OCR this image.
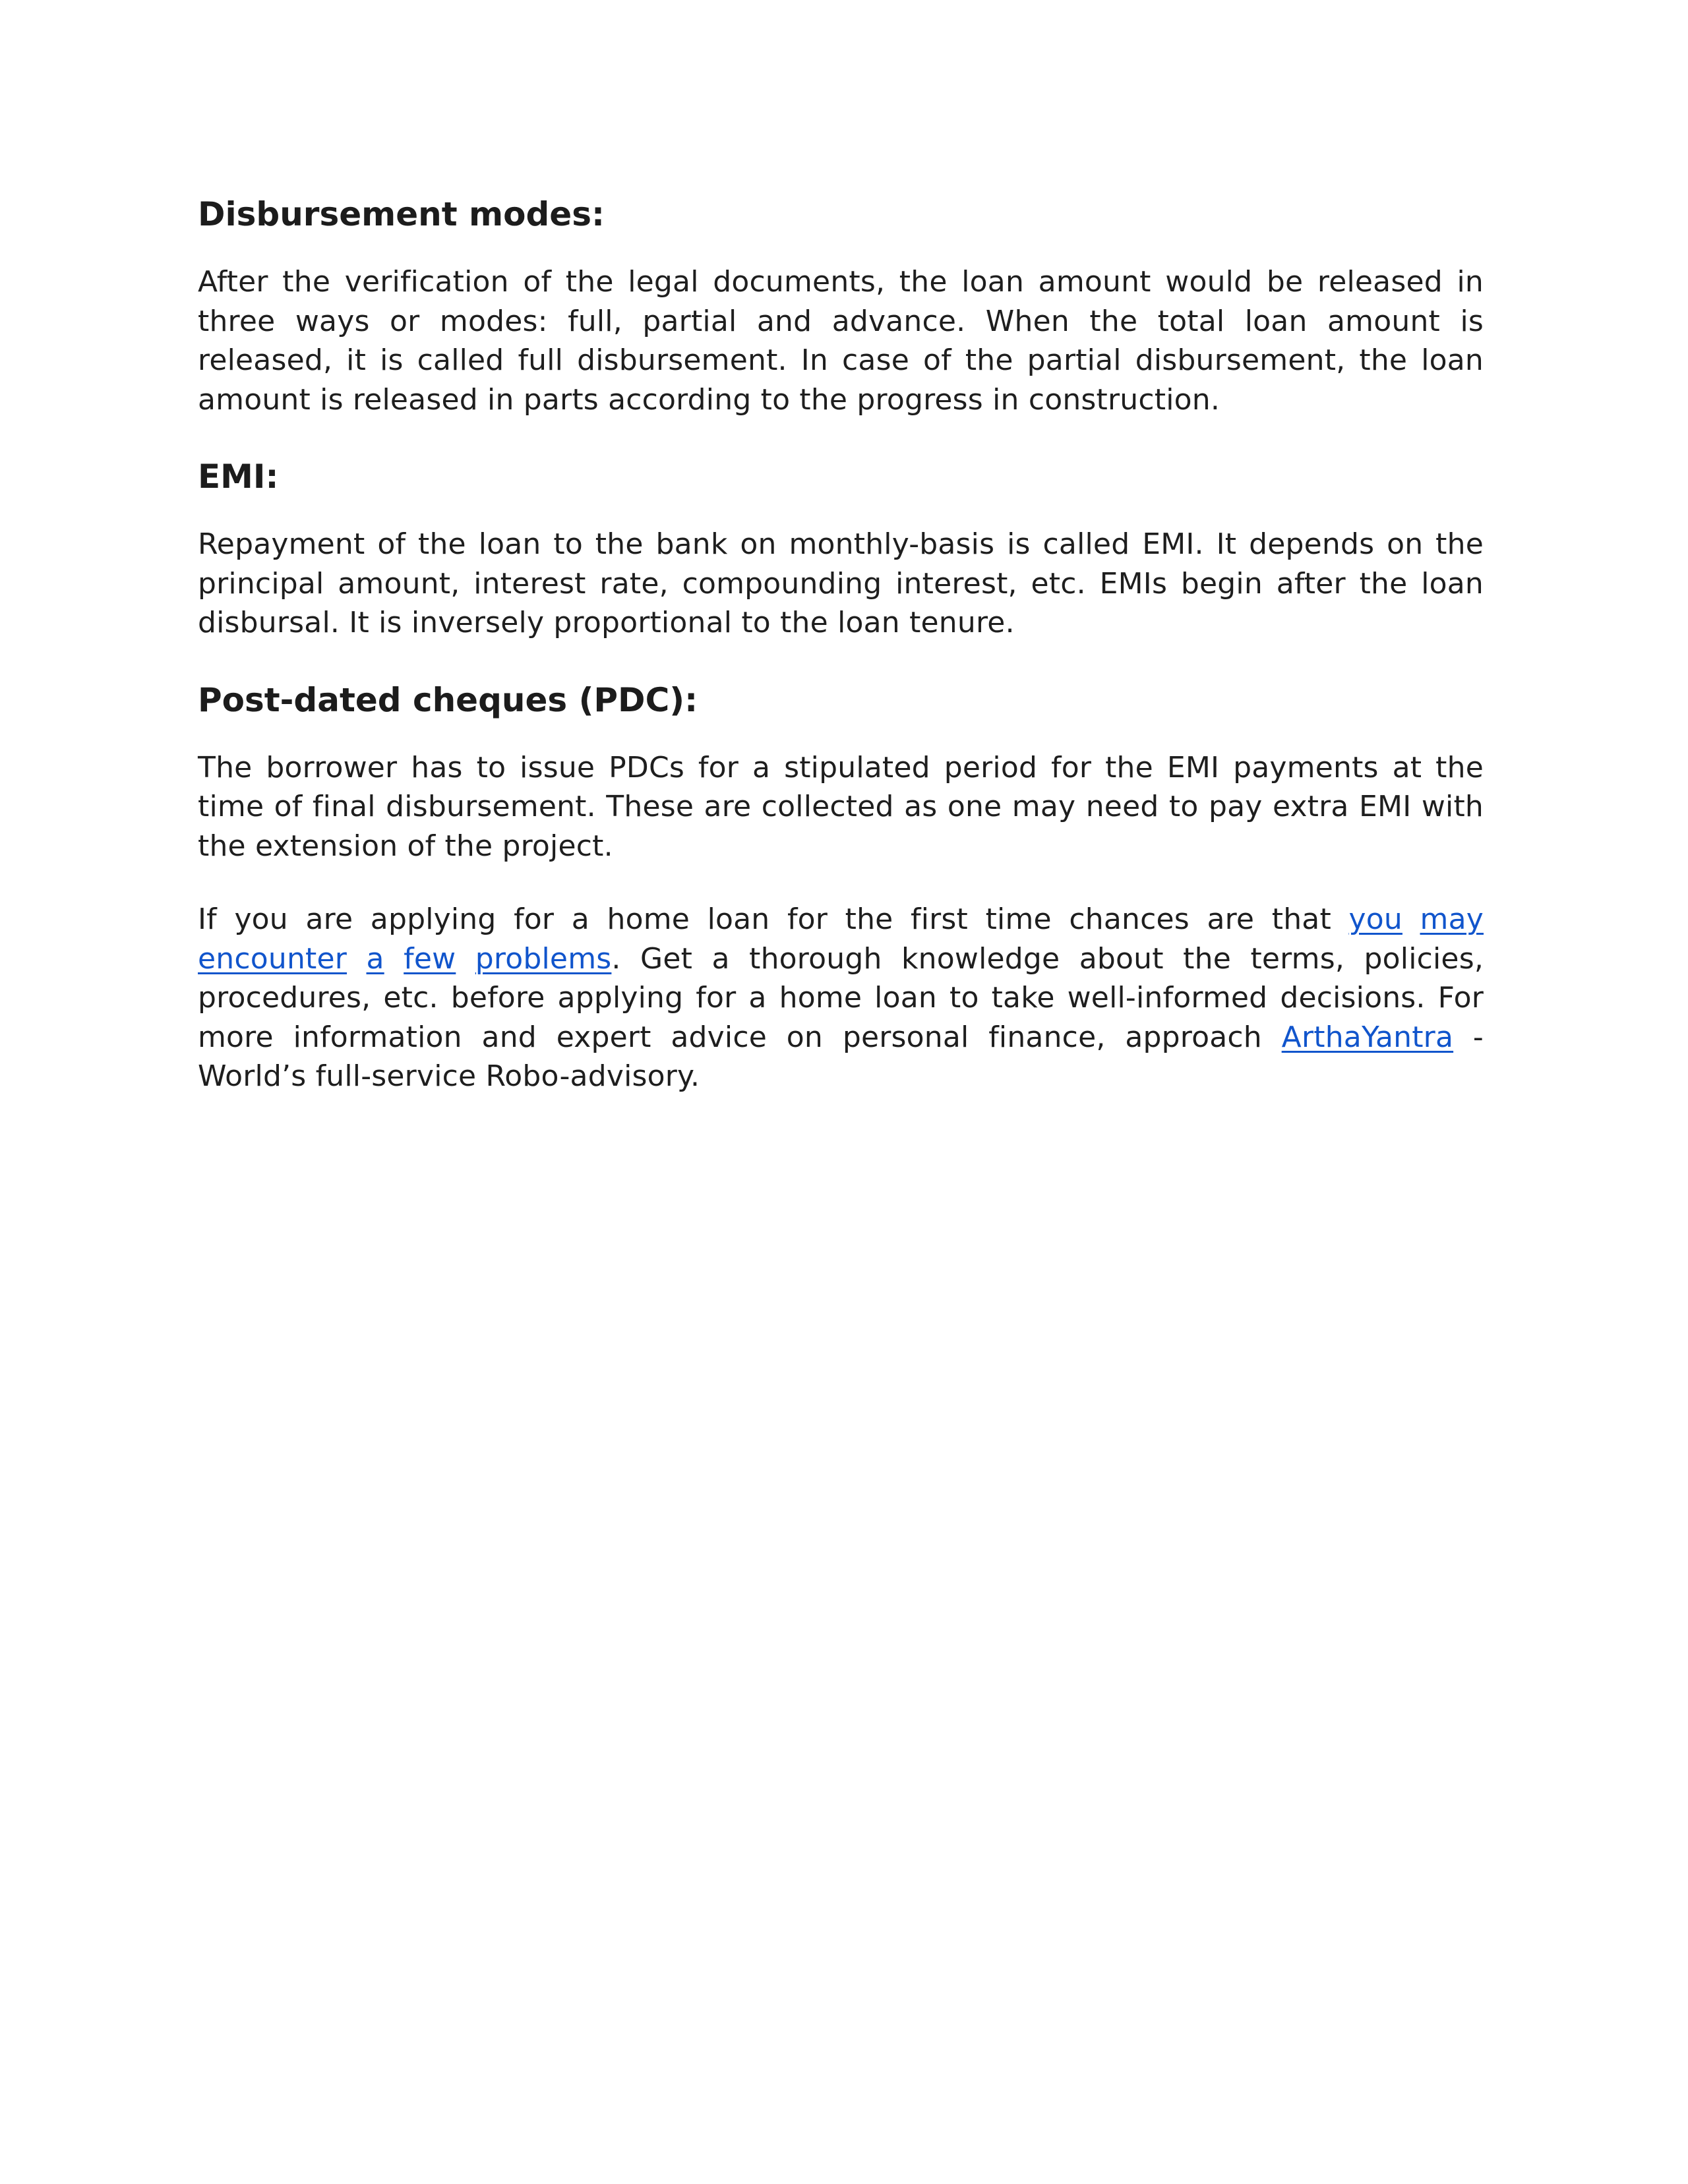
Disbursement modes:

After the verification of the legal documents, the loan amount would be released in three ways or modes: full, partial and advance. When the total loan amount is released, it is called full disbursement. In case of the partial disbursement, the loan amount is released in parts according to the progress in construction.

EMI:

Repayment of the loan to the bank on monthly-basis is called EMI. It depends on the principal amount, interest rate, compounding interest, etc. EMIs begin after the loan disbursal. It is inversely proportional to the loan tenure.

Post-dated cheques (PDC):

The borrower has to issue PDCs for a stipulated period for the EMI payments at the time of final disbursement. These are collected as one may need to pay extra EMI with the extension of the project.

If you are applying for a home loan for the first time chances are that you may encounter a few problems. Get a thorough knowledge about the terms, policies, procedures, etc. before applying for a home loan to take well-informed decisions. For more information and expert advice on personal finance, approach ArthaYantra - World’s full-service Robo-advisory.
